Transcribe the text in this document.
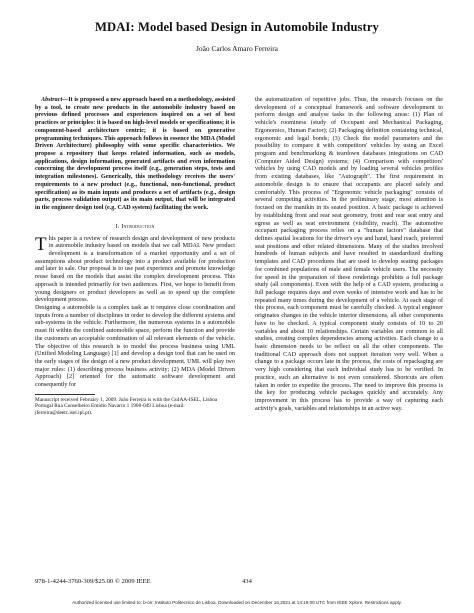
MDAI: Model based Design in Automobile Industry
João Carlos Amaro Ferreira

Abstract—It is proposed a new approach based on a methodology, assisted by a tool, to create new products in the automobile industry based on previous defined processes and experiences inspired on a set of best practices or principles: it is based on high-level models or specifications; it is component-based architecture centric; it is based on generative programming techniques. This approach follows in essence the MDA (Model Driven Architecture) philosophy with some specific characteristics. We propose a repository that keeps related information, such as models, applications, design information, generated artifacts and even information concerning the development process itself (e.g., generation steps, tests and integration milestones). Generically, this methodology receives the users' requirements to a new product (e.g., functional, non-functional, product specification) as its main inputs and produces a set of artifacts (e.g., design parts, process validation output) as its main output, that will be integrated in the engineer design tool (e.g. CAD system) facilitating the work.

I. Introduction

This paper is a review of research design and development of new products in automobile industry based on models that we call MDAI. New product development is a transformation of a market opportunity and a set of assumptions about product technology into a product available for production and later to sale. Our proposal is to use past experience and promote knowledge reuse based on the models that assist the complex development process. This approach is intended primarily for two audiences. First, we hope to benefit from young designers or product developers as well as to speed up the complete development process.

Designing a automobile is a complex task as it requires close coordination and inputs from a number of disciplines in order to develop the different systems and sub-systems in the vehicle. Furthermore, the numerous systems in a automobile must fit within the confined automobile space, perform the function and provide the customers an acceptable combination of all relevant elements of the vehicle. The objective of this research is to model the process business using UML (Unified Modeling Language) [1] and develop a design tool that can be used on the early stages of the design of a new product development. UML will play two major rules: (1) describing process business activity; (2) MDA (Model Driven Approach) [2] oriented for the automatic software development and consequently for

Manuscript received February 1, 2009. João Ferreira is with the GuIAA-ISEL, Lisboa Portugal Rua Conselheiro Emídio Navarro 1 1900-049 Lisboa (e-mail: jferreira@deetc.isel.ipl.pt).

the automatization of repetitive jobs. Thus, the research focuses on the development of a conceptual framework and software development to perform design and analyse tasks in the following areas: (1) Plan of vehicle's roominess (study of Occupant and Mechanical Packaging, Ergonomics, Human Factor); (2) Packaging definition containing technical, ergonomic and legal bonds; (3) Check the model parameters and the possibility to compare it with competitors' vehicles by using an Excel program and benchmarking & teardown databases integrations on CAD (Computer Aided Design) systems; (4) Comparison with competitors' vehicles by using CAD models and by loading several vehicles profiles from existing databases, like "Autograph". The first requirement in automobile design is to ensure that occupants are placed safely and comfortably. This process of "Ergonomic vehicle packaging" consists of several competing activities. In the preliminary stage, most attention is focused on the manikin in its seated position. A basic package is achieved by establishing front and rear seat geometry, front and rear seat entry and egress as well as seat environment (visibility, reach). The automotive occupant packaging process relies on a "human factors" database that defines spatial locations for the driver's eye and hand, hand reach, preferred seat positions and other related dimensions. Many of the studies involved hundreds of human subjects and have resulted in standardized drafting templates and CAD procedures that are used to develop seating packages for combined populations of male and female vehicle users. The necessity for speed in the preparation of these renderings prohibits a full package study (all components). Even with the help of a CAD system, producing a full package requires days and even weeks of intensive work and has to be repeated many times during the development of a vehicle. At each stage of this process, each component must be carefully checked. A typical engineer originates changes in the vehicle interior dimensions, all other components have to be checked. A typical component study consists of 10 to 20 variables and about 10 relationships. Certain variables are common to all studies, creating complex dependencies among activities. Each change to a basic dimension needs to be reflect on all the other components. The traditional CAD approach does not support iteration very well. When a change to a package occurs late in the process, the costs of repackaging are very high considering that each individual study has to be verified. In practice, such an alternative is not even considered. Shortcuts are often taken in order to expedite the process. The need to improve this process is the key for producing vehicle packages quickly and accurately. Any improvement in this process has to provide a way of capturing each activity's goals, variables and relationships in an active way.

978-1-4244-3760-309/$25.00 © 2009 IEEE	434
Authorized licensed use limited to: b-on: Instituto Politecnico de Lisboa. Downloaded on December 16,2021 at 14:19:00 UTC from IEEE Xplore. Restrictions apply.
